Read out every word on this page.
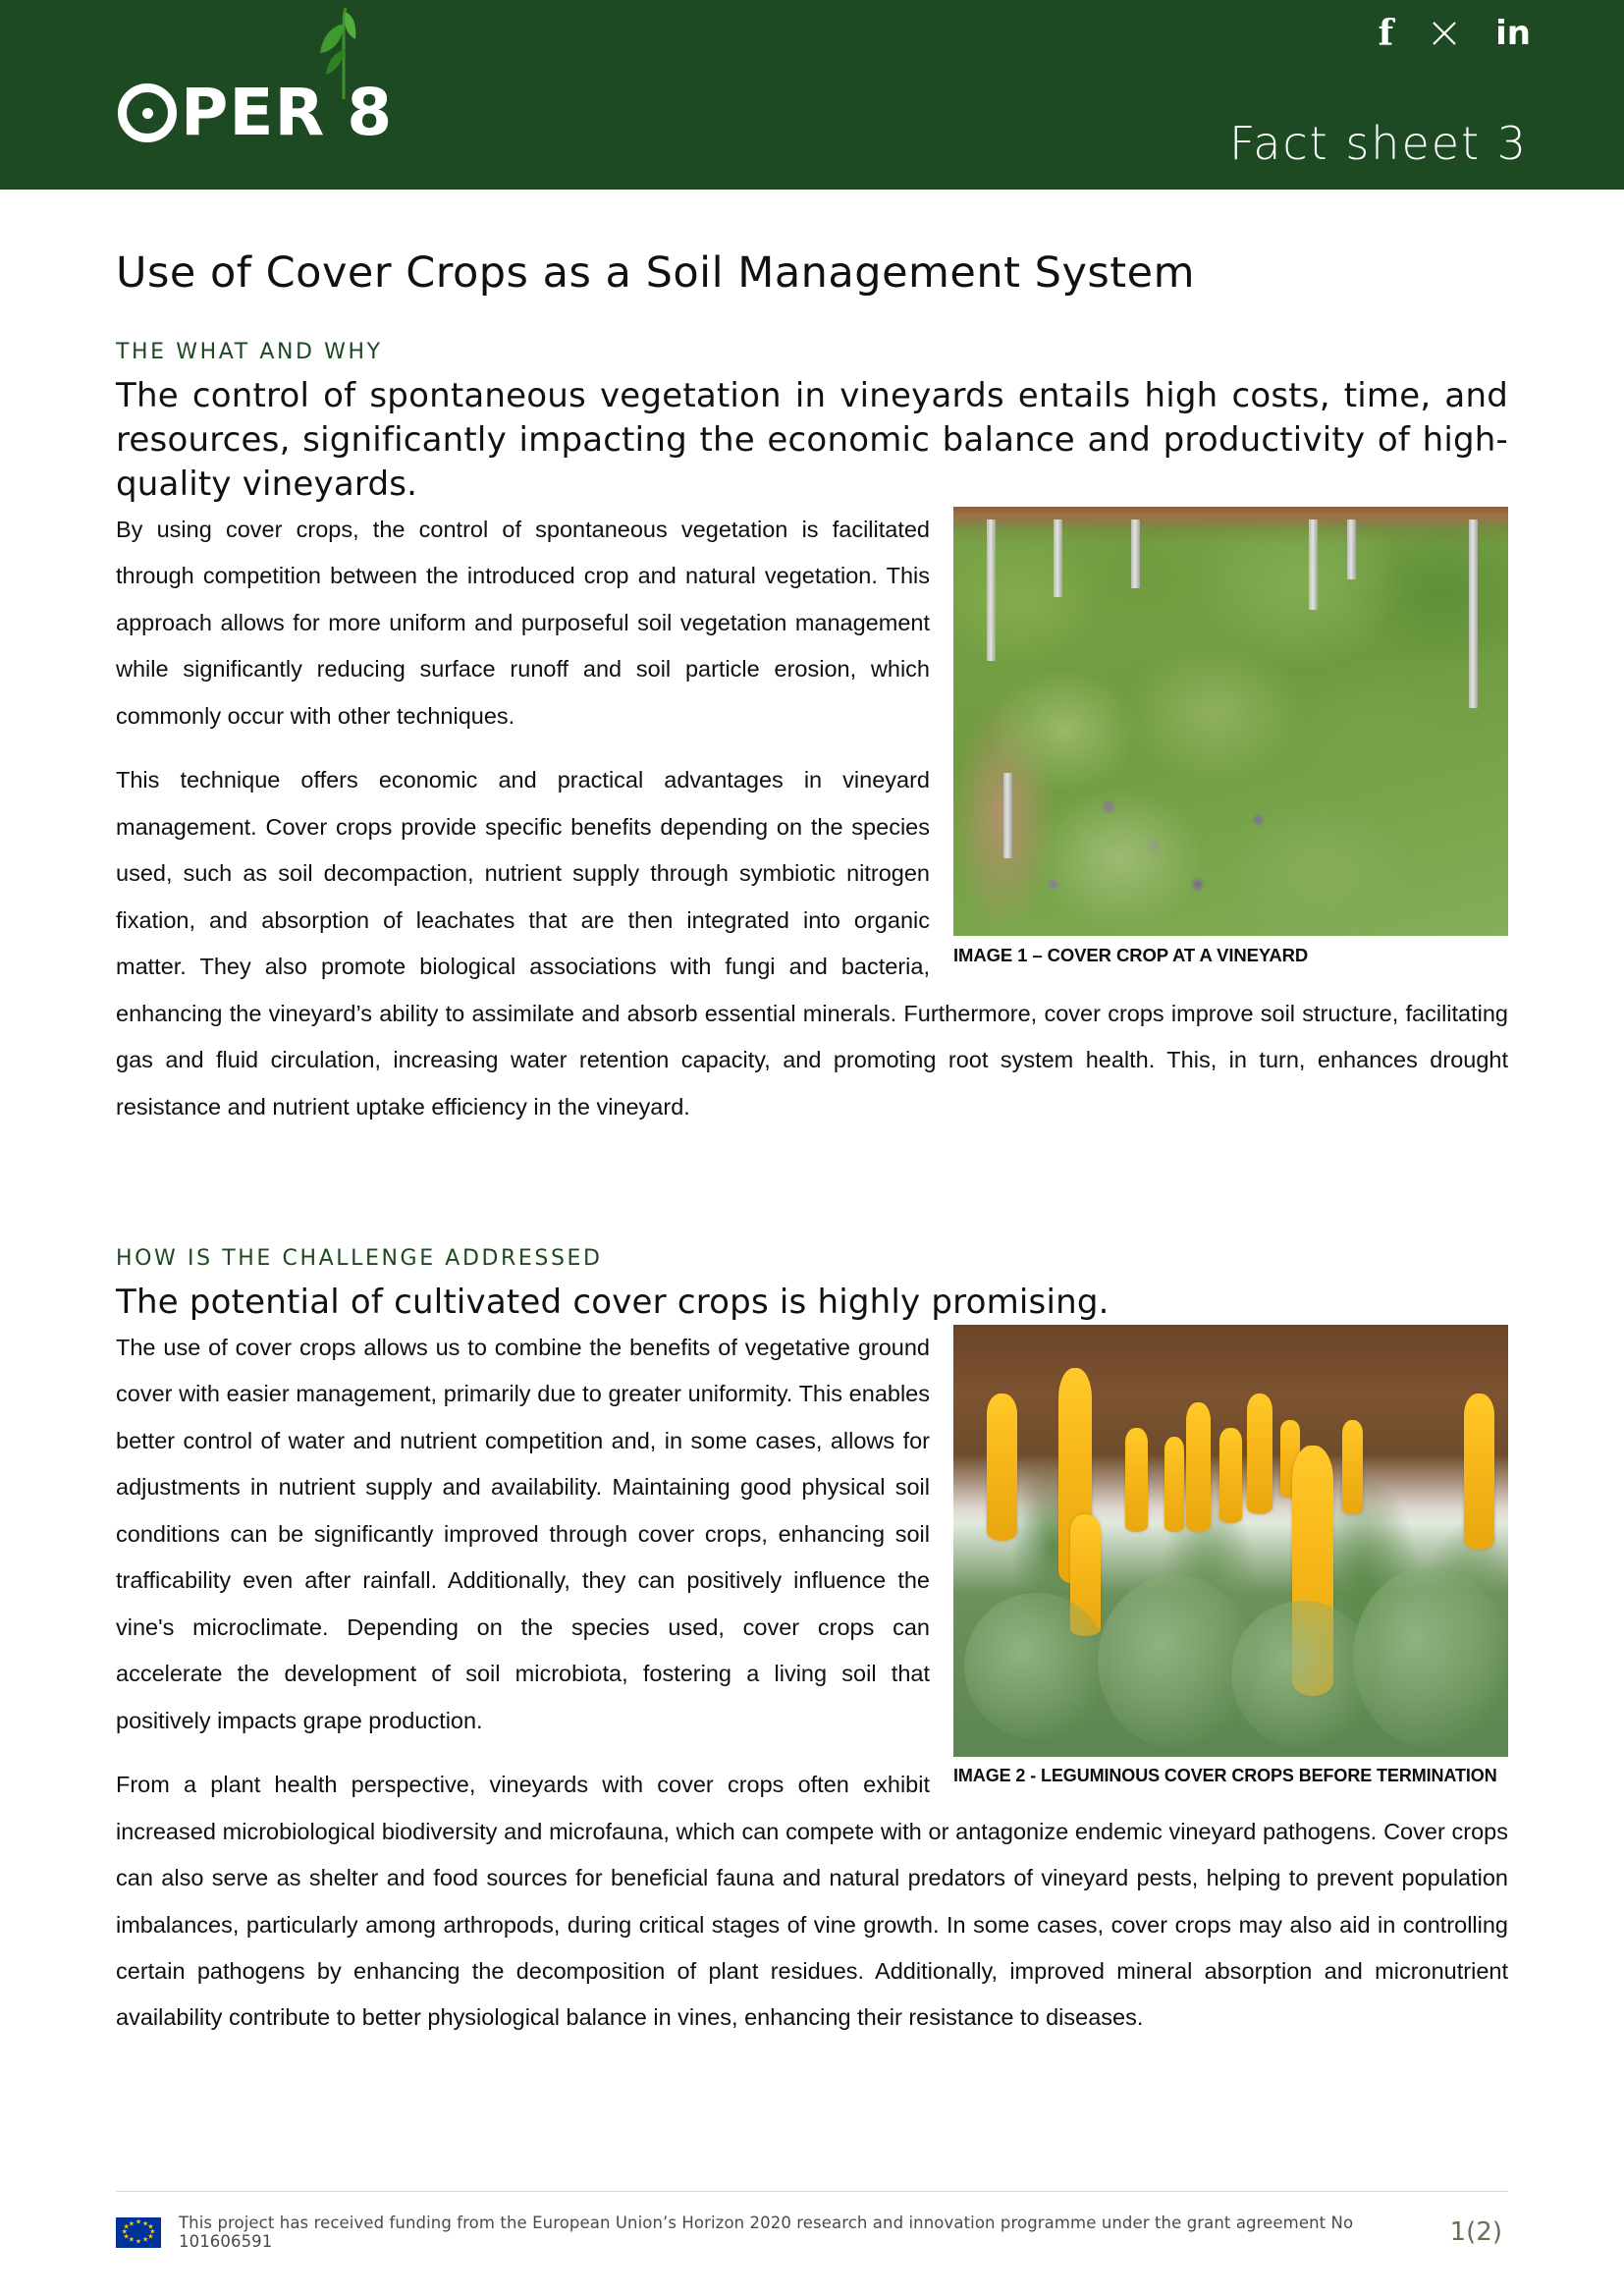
PER 8
f	in
Fact sheet 3
Use of Cover Crops as a Soil Management System
THE WHAT AND WHY
The control of spontaneous vegetation in vineyards entails high costs, time, and resources, significantly impacting the economic balance and productivity of high-quality vineyards.
IMAGE 1 – COVER CROP AT A VINEYARD

By using cover crops, the control of spontaneous vegetation is facilitated through competition between the introduced crop and natural vegetation. This approach allows for more uniform and purposeful soil vegetation management while significantly reducing surface runoff and soil particle erosion, which commonly occur with other techniques.

This technique offers economic and practical advantages in vineyard management. Cover crops provide specific benefits depending on the species used, such as soil decompaction, nutrient supply through symbiotic nitrogen fixation, and absorption of leachates that are then integrated into organic matter. They also promote biological associations with fungi and bacteria, enhancing the vineyard’s ability to assimilate and absorb essential minerals. Furthermore, cover crops improve soil structure, facilitating gas and fluid circulation, increasing water retention capacity, and promoting root system health. This, in turn, enhances drought resistance and nutrient uptake efficiency in the vineyard.

HOW IS THE CHALLENGE ADDRESSED
The potential of cultivated cover crops is highly promising.
IMAGE 2 - LEGUMINOUS COVER CROPS BEFORE TERMINATION

The use of cover crops allows us to combine the benefits of vegetative ground cover with easier management, primarily due to greater uniformity. This enables better control of water and nutrient competition and, in some cases, allows for adjustments in nutrient supply and availability. Maintaining good physical soil conditions can be significantly improved through cover crops, enhancing soil trafficability even after rainfall. Additionally, they can positively influence the vine's microclimate. Depending on the species used, cover crops can accelerate the development of soil microbiota, fostering a living soil that positively impacts grape production.

From a plant health perspective, vineyards with cover crops often exhibit increased microbiological biodiversity and microfauna, which can compete with or antagonize endemic vineyard pathogens. Cover crops can also serve as shelter and food sources for beneficial fauna and natural predators of vineyard pests, helping to prevent population imbalances, particularly among arthropods, during critical stages of vine growth. In some cases, cover crops may also aid in controlling certain pathogens by enhancing the decomposition of plant residues. Additionally, improved mineral absorption and micronutrient availability contribute to better physiological balance in vines, enhancing their resistance to diseases.

★ ★
★
★
★
★
★
★
★
★
★
★	This project has received funding from the European Union’s Horizon 2020 research and innovation programme under the grant agreement No 101606591	1(2)
